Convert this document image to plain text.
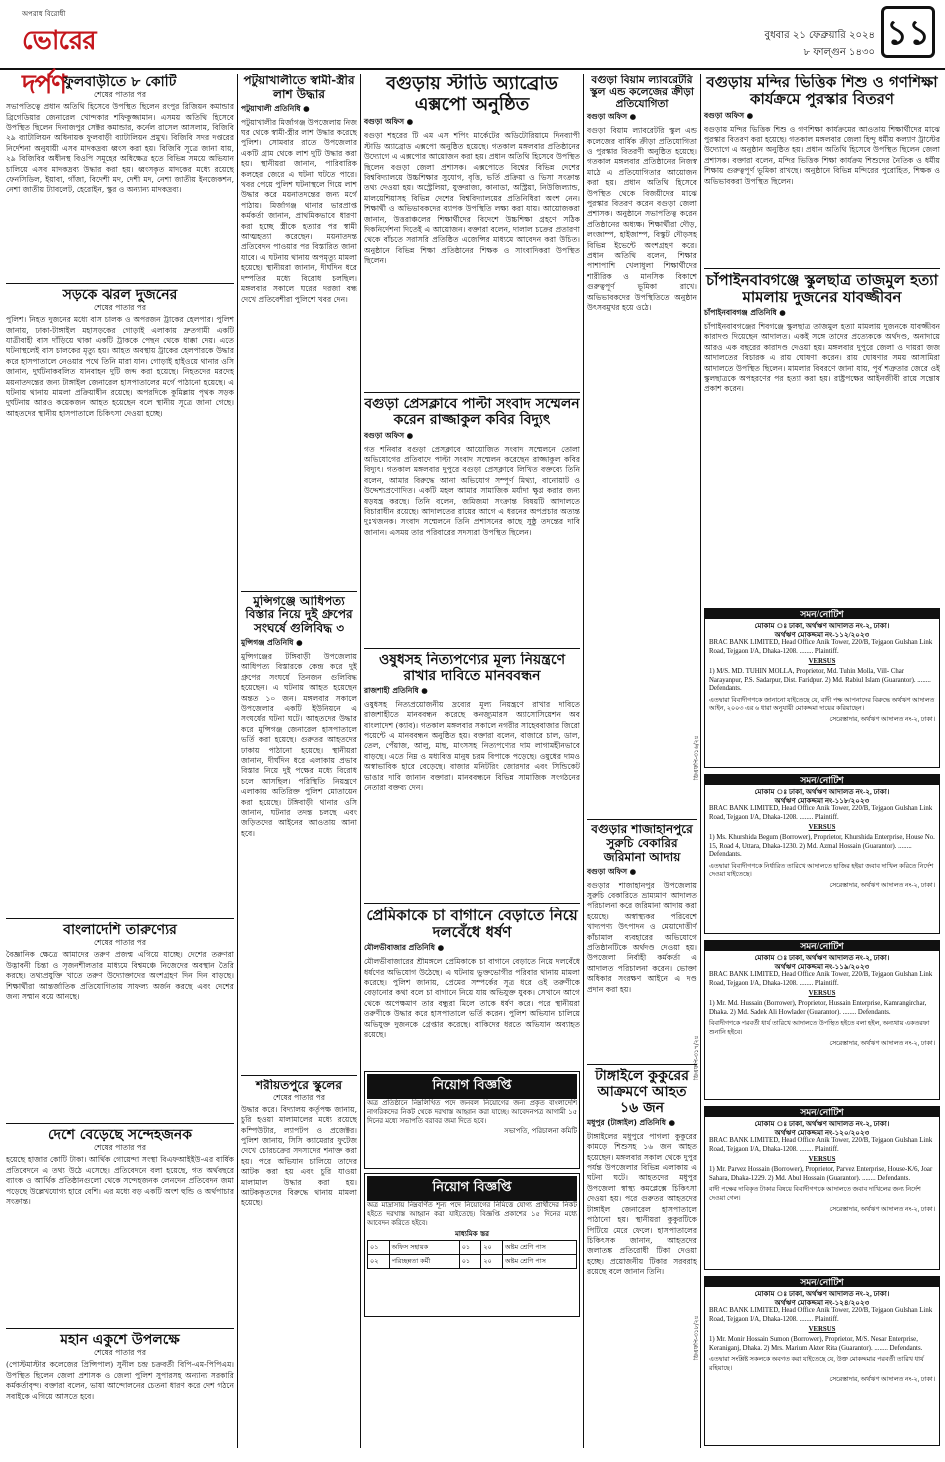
অপরাধ বিরোধী
ভোরের দর্পণ
বুধবার ২১ ফেব্রুয়ারি ২০২৪
৮ ফাল্গুন ১৪৩০ ১১
ফুলবাড়ীতে ৮ কোটি
শেষের পাতার পর
সভাপতিত্বে প্রধান অতিথি হিসেবে উপস্থিত ছিলেন রংপুর রিজিয়ন কমান্ডার ব্রিগেডিয়ার জেনারেল খোন্দকার শফিকুজ্জামান। এসময় অতিথি হিসেবে উপস্থিত ছিলেন দিনাজপুর সেক্টর কমান্ডার, কর্নেল রাসেল আসলাম, বিজিবি ২৯ ব্যাটালিয়ন অধিনায়ক ফুলবাড়ী ব্যাটালিয়ন প্রমুখ। বিজিবি সদর দপ্তরের নির্দেশনা অনুযায়ী এসব মাদকদ্রব্য ধ্বংস করা হয়। বিজিবি সূত্রে জানা যায়, ২৯ বিজিবির অধীনস্থ বিওপি সমূহের অধিক্ষেত্র হতে বিভিন্ন সময়ে অভিযান চালিয়ে এসব মাদকদ্রব্য উদ্ধার করা হয়। ধ্বংসকৃত মাদকের মধ্যে রয়েছে ফেনসিডিল, ইয়াবা, গাঁজা, বিদেশী মদ, দেশী মদ, নেশা জাতীয় ইনজেকশন, নেশা জাতীয় ট্যাবলেট, হেরোইন, স্কুর ও অন্যান্য মাদকদ্রব্য।
সড়কে ঝরল দুজনের
শেষের পাতার পর
পুলিশ। নিহত দুজনের মধ্যে বাস চালক ও অপরজন ট্রাকের হেলপার। পুলিশ জানায়, ঢাকা-টাঙ্গাইল মহাসড়কের গোড়াই এলাকায় দ্রুতগামী একটি যাত্রীবাহী বাস দাঁড়িয়ে থাকা একটি ট্রাককে পেছন থেকে ধাক্কা দেয়। এতে ঘটনাস্থলেই বাস চালকের মৃত্যু হয়। আহত অবস্থায় ট্রাকের হেলপারকে উদ্ধার করে হাসপাতালে নেওয়ার পথে তিনি মারা যান। গোড়াই হাইওয়ে থানার ওসি জানান, দুর্ঘটনাকবলিত যানবাহন দুটি জব্দ করা হয়েছে। নিহতদের মরদেহ ময়নাতদন্তের জন্য টাঙ্গাইল জেনারেল হাসপাতালের মর্গে পাঠানো হয়েছে। এ ঘটনায় থানায় মামলা প্রক্রিয়াধীন রয়েছে। অপরদিকে কুমিল্লায় পৃথক সড়ক দুর্ঘটনায় আরও কয়েকজন আহত হয়েছেন বলে স্থানীয় সূত্রে জানা গেছে। আহতদের স্থানীয় হাসপাতালে চিকিৎসা দেওয়া হচ্ছে।
বাংলাদেশি তারুণ্যের
শেষের পাতার পর
বৈজ্ঞানিক ক্ষেত্রে আমাদের তরুণ প্রজন্ম এগিয়ে যাচ্ছে। দেশের তরুণরা উদ্ভাবনী চিন্তা ও সৃজনশীলতার মাধ্যমে বিশ্বমঞ্চে নিজেদের অবস্থান তৈরি করছে। তথ্যপ্রযুক্তি খাতে তরুণ উদ্যোক্তাদের অংশগ্রহণ দিন দিন বাড়ছে। শিক্ষার্থীরা আন্তর্জাতিক প্রতিযোগিতায় সাফল্য অর্জন করছে এবং দেশের জন্য সম্মান বয়ে আনছে।
দেশে বেড়েছে সন্দেহজনক
শেষের পাতার পর
হয়েছে হাজার কোটি টাকা। আর্থিক গোয়েন্দা সংস্থা বিএফআইইউ-এর বার্ষিক প্রতিবেদনে এ তথ্য উঠে এসেছে। প্রতিবেদনে বলা হয়েছে, গত অর্থবছরে ব্যাংক ও আর্থিক প্রতিষ্ঠানগুলো থেকে সন্দেহজনক লেনদেন প্রতিবেদন জমা পড়েছে উল্লেখযোগ্য হারে বেশি। এর মধ্যে বড় একটি অংশ হুন্ডি ও অর্থপাচার সংক্রান্ত।
মহান একুশে উপলক্ষে
শেষের পাতার পর
(পোস্টমাস্টার কলেজের প্রিন্সিপাল) সুনীল চন্দ্র চক্রবর্তী বিপি-এম-পিপিএম। উপস্থিত ছিলেন জেলা প্রশাসক ও জেলা পুলিশ সুপারসহ অন্যান্য সরকারি কর্মকর্তাবৃন্দ। বক্তারা বলেন, ভাষা আন্দোলনের চেতনা ধারণ করে দেশ গঠনে সবাইকে এগিয়ে আসতে হবে।
পটুয়াখালীতে স্বামী-স্ত্রীর লাশ উদ্ধার
পটুয়াখালী প্রতিনিধি ●
পটুয়াখালীর মির্জাগঞ্জ উপজেলায় নিজ ঘর থেকে স্বামী-স্ত্রীর লাশ উদ্ধার করেছে পুলিশ। সোমবার রাতে উপজেলার একটি গ্রাম থেকে লাশ দুটি উদ্ধার করা হয়। স্থানীয়রা জানান, পারিবারিক কলহের জেরে এ ঘটনা ঘটতে পারে। খবর পেয়ে পুলিশ ঘটনাস্থলে গিয়ে লাশ উদ্ধার করে ময়নাতদন্তের জন্য মর্গে পাঠায়। মির্জাগঞ্জ থানার ভারপ্রাপ্ত কর্মকর্তা জানান, প্রাথমিকভাবে ধারণা করা হচ্ছে স্ত্রীকে হত্যার পর স্বামী আত্মহত্যা করেছেন। ময়নাতদন্ত প্রতিবেদন পাওয়ার পর বিস্তারিত জানা যাবে। এ ঘটনায় থানায় অপমৃত্যু মামলা হয়েছে। স্থানীয়রা জানান, দীর্ঘদিন ধরে দম্পতির মধ্যে বিরোধ চলছিল। মঙ্গলবার সকালে ঘরের দরজা বন্ধ দেখে প্রতিবেশীরা পুলিশে খবর দেন।
মুন্সিগঞ্জে আধিপত্য বিস্তার নিয়ে দুই গ্রুপের সংঘর্ষে গুলিবিদ্ধ ৩
মুন্সিগঞ্জ প্রতিনিধি ●
মুন্সিগঞ্জের টঙ্গিবাড়ী উপজেলায় আধিপত্য বিস্তারকে কেন্দ্র করে দুই গ্রুপের সংঘর্ষে তিনজন গুলিবিদ্ধ হয়েছেন। এ ঘটনায় আহত হয়েছেন অন্তত ১০ জন। মঙ্গলবার সকালে উপজেলার একটি ইউনিয়নে এ সংঘর্ষের ঘটনা ঘটে। আহতদের উদ্ধার করে মুন্সিগঞ্জ জেনারেল হাসপাতালে ভর্তি করা হয়েছে। গুরুতর আহতদের ঢাকায় পাঠানো হয়েছে। স্থানীয়রা জানান, দীর্ঘদিন ধরে এলাকায় প্রভাব বিস্তার নিয়ে দুই পক্ষের মধ্যে বিরোধ চলে আসছিল। পরিস্থিতি নিয়ন্ত্রণে এলাকায় অতিরিক্ত পুলিশ মোতায়েন করা হয়েছে। টঙ্গিবাড়ী থানার ওসি জানান, ঘটনার তদন্ত চলছে এবং জড়িতদের আইনের আওতায় আনা হবে।
শরীয়তপুরে স্কুলের
শেষের পাতার পর
উদ্ধার করে। বিদ্যালয় কর্তৃপক্ষ জানায়, চুরি হওয়া মালামালের মধ্যে রয়েছে কম্পিউটার, ল্যাপটপ ও প্রজেক্টর। পুলিশ জানায়, সিসি ক্যামেরার ফুটেজ দেখে চোরচক্রের সদস্যদের শনাক্ত করা হয়। পরে অভিযান চালিয়ে তাদের আটক করা হয় এবং চুরি যাওয়া মালামাল উদ্ধার করা হয়। আটককৃতদের বিরুদ্ধে থানায় মামলা হয়েছে।
বগুড়ায় স্টাডি অ্যাব্রোড এক্সপো অনুষ্ঠিত
বগুড়া অফিস ●
বগুড়া শহরের টি এম এস শপিং মার্কেটের অডিটোরিয়ামে দিনব্যাপী স্টাডি অ্যাব্রোড এক্সপো অনুষ্ঠিত হয়েছে। গতকাল মঙ্গলবার প্রতিষ্ঠানের উদ্যোগে এ এক্সপোর আয়োজন করা হয়। প্রধান অতিথি হিসেবে উপস্থিত ছিলেন বগুড়া জেলা প্রশাসক। এক্সপোতে বিশ্বের বিভিন্ন দেশের বিশ্ববিদ্যালয়ে উচ্চশিক্ষার সুযোগ, বৃত্তি, ভর্তি প্রক্রিয়া ও ভিসা সংক্রান্ত তথ্য দেওয়া হয়। অস্ট্রেলিয়া, যুক্তরাজ্য, কানাডা, অস্ট্রিয়া, নিউজিল্যান্ড, মালয়েশিয়াসহ বিভিন্ন দেশের বিশ্ববিদ্যালয়ের প্রতিনিধিরা অংশ নেন। শিক্ষার্থী ও অভিভাবকদের ব্যাপক উপস্থিতি লক্ষ্য করা যায়। আয়োজকরা জানান, উত্তরাঞ্চলের শিক্ষার্থীদের বিদেশে উচ্চশিক্ষা গ্রহণে সঠিক দিকনির্দেশনা দিতেই এ আয়োজন। বক্তারা বলেন, দালাল চক্রের প্রতারণা থেকে বাঁচতে সরাসরি প্রতিষ্ঠিত এজেন্সির মাধ্যমে আবেদন করা উচিত। অনুষ্ঠানে বিভিন্ন শিক্ষা প্রতিষ্ঠানের শিক্ষক ও সাংবাদিকরা উপস্থিত ছিলেন।
বগুড়া প্রেসক্লাবে পাল্টা সংবাদ সম্মেলন করেন রাজ্জাকুল কবির বিদ্যুৎ
বগুড়া অফিস ●
গত শনিবার বগুড়া প্রেসক্লাবে আয়োজিত সংবাদ সম্মেলনে তোলা অভিযোগের প্রতিবাদে পাল্টা সংবাদ সম্মেলন করেছেন রাজ্জাকুল কবির বিদ্যুৎ। গতকাল মঙ্গলবার দুপুরে বগুড়া প্রেসক্লাবে লিখিত বক্তব্যে তিনি বলেন, আমার বিরুদ্ধে আনা অভিযোগ সম্পূর্ণ মিথ্যা, বানোয়াট ও উদ্দেশ্যপ্রণোদিত। একটি মহল আমার সামাজিক মর্যাদা ক্ষুণ্ণ করার জন্য ষড়যন্ত্র করছে। তিনি বলেন, জমিজমা সংক্রান্ত বিষয়টি আদালতে বিচারাধীন রয়েছে। আদালতের রায়ের আগে এ ধরনের অপপ্রচার অত্যন্ত দুঃখজনক। সংবাদ সম্মেলনে তিনি প্রশাসনের কাছে সুষ্ঠু তদন্তের দাবি জানান। এসময় তার পরিবারের সদস্যরা উপস্থিত ছিলেন।
ওষুধসহ নিত্যপণ্যের মূল্য নিয়ন্ত্রণে রাখার দাবিতে মানববন্ধন
রাজশাহী প্রতিনিধি ●
ওষুধসহ নিত্যপ্রয়োজনীয় দ্রব্যের মূল্য নিয়ন্ত্রণে রাখার দাবিতে রাজশাহীতে মানববন্ধন করেছে কনজ্যুমারস অ্যাসোসিয়েশন অব বাংলাদেশ (ক্যাব)। গতকাল মঙ্গলবার সকালে নগরীর সাহেববাজার জিরো পয়েন্টে এ মানববন্ধন অনুষ্ঠিত হয়। বক্তারা বলেন, বাজারে চাল, ডাল, তেল, পেঁয়াজ, আলু, মাছ, মাংসসহ নিত্যপণ্যের দাম লাগামহীনভাবে বাড়ছে। এতে নিম্ন ও মধ্যবিত্ত মানুষ চরম বিপাকে পড়েছে। ওষুধের দামও অস্বাভাবিক হারে বেড়েছে। বাজার মনিটরিং জোরদার এবং সিন্ডিকেট ভাঙার দাবি জানান বক্তারা। মানববন্ধনে বিভিন্ন সামাজিক সংগঠনের নেতারা বক্তব্য দেন।
প্রেমিকাকে চা বাগানে বেড়াতে নিয়ে দলবেঁধে ধর্ষণ
মৌলভীবাজার প্রতিনিধি ●
মৌলভীবাজারের শ্রীমঙ্গলে প্রেমিকাকে চা বাগানে বেড়াতে নিয়ে দলবেঁধে ধর্ষণের অভিযোগ উঠেছে। এ ঘটনায় ভুক্তভোগীর পরিবার থানায় মামলা করেছে। পুলিশ জানায়, প্রেমের সম্পর্কের সূত্র ধরে ওই তরুণীকে বেড়ানোর কথা বলে চা বাগানে নিয়ে যায় অভিযুক্ত যুবক। সেখানে আগে থেকে অপেক্ষমাণ তার বন্ধুরা মিলে তাকে ধর্ষণ করে। পরে স্থানীয়রা তরুণীকে উদ্ধার করে হাসপাতালে ভর্তি করেন। পুলিশ অভিযান চালিয়ে অভিযুক্ত দুজনকে গ্রেপ্তার করেছে। বাকিদের ধরতে অভিযান অব্যাহত রয়েছে।
নিয়োগ বিজ্ঞপ্তি
অত্র প্রতিষ্ঠানে নিম্নলিখিত পদে জনবল নিয়োগের জন্য প্রকৃত বাংলাদেশি নাগরিকদের নিকট থেকে দরখাস্ত আহ্বান করা যাচ্ছে। আবেদনপত্র আগামী ১৫ দিনের মধ্যে সভাপতি বরাবর জমা দিতে হবে।
সভাপতি, পরিচালনা কমিটি
নিয়োগ বিজ্ঞপ্তি
অত্র মাদ্রাসায় নিম্নবর্ণিত শূন্য পদে নিয়োগের নিমিত্তে যোগ্য প্রার্থীদের নিকট হইতে দরখাস্ত আহ্বান করা যাইতেছে। বিজ্ঞপ্তি প্রকাশের ১৫ দিনের মধ্যে আবেদন করিতে হইবে।
মাধ্যমিক স্তর
০১	অফিস সহায়ক	০১	২০	অষ্টম শ্রেণি পাস
০২	পরিচ্ছন্নতা কর্মী	০১	২০	অষ্টম শ্রেণি পাস
বগুড়া বিয়াম ল্যাবরেটরি স্কুল এন্ড কলেজের ক্রীড়া প্রতিযোগিতা
বগুড়া অফিস ●
বগুড়া বিয়াম ল্যাবরেটরি স্কুল এন্ড কলেজের বার্ষিক ক্রীড়া প্রতিযোগিতা ও পুরস্কার বিতরণী অনুষ্ঠিত হয়েছে। গতকাল মঙ্গলবার প্রতিষ্ঠানের নিজস্ব মাঠে এ প্রতিযোগিতার আয়োজন করা হয়। প্রধান অতিথি হিসেবে উপস্থিত থেকে বিজয়ীদের মাঝে পুরস্কার বিতরণ করেন বগুড়া জেলা প্রশাসক। অনুষ্ঠানে সভাপতিত্ব করেন প্রতিষ্ঠানের অধ্যক্ষ। শিক্ষার্থীরা দৌড়, লংজাম্প, হাইজাম্প, বিস্কুট দৌড়সহ বিভিন্ন ইভেন্টে অংশগ্রহণ করে। প্রধান অতিথি বলেন, শিক্ষার পাশাপাশি খেলাধুলা শিক্ষার্থীদের শারীরিক ও মানসিক বিকাশে গুরুত্বপূর্ণ ভূমিকা রাখে। অভিভাবকদের উপস্থিতিতে অনুষ্ঠান উৎসবমুখর হয়ে ওঠে।
বগুড়ার শাজাহানপুরে সুরুচি বেকারির জরিমানা আদায়
বগুড়া অফিস ●
বগুড়ার শাজাহানপুর উপজেলায় সুরুচি বেকারিতে ভ্রাম্যমাণ আদালত পরিচালনা করে জরিমানা আদায় করা হয়েছে। অস্বাস্থ্যকর পরিবেশে খাদ্যপণ্য উৎপাদন ও মেয়াদোত্তীর্ণ কাঁচামাল ব্যবহারের অভিযোগে প্রতিষ্ঠানটিকে অর্থদণ্ড দেওয়া হয়। উপজেলা নির্বাহী কর্মকর্তা এ আদালত পরিচালনা করেন। ভোক্তা অধিকার সংরক্ষণ আইনে এ দণ্ড প্রদান করা হয়।
টাঙ্গাইলে কুকুরের আক্রমণে আহত ১৬ জন
মধুপুর (টাঙ্গাইল) প্রতিনিধি ●
টাঙ্গাইলের মধুপুরে পাগলা কুকুরের কামড়ে শিশুসহ ১৬ জন আহত হয়েছেন। মঙ্গলবার সকাল থেকে দুপুর পর্যন্ত উপজেলার বিভিন্ন এলাকায় এ ঘটনা ঘটে। আহতদের মধুপুর উপজেলা স্বাস্থ্য কমপ্লেক্সে চিকিৎসা দেওয়া হয়। পরে গুরুতর আহতদের টাঙ্গাইল জেনারেল হাসপাতালে পাঠানো হয়। স্থানীয়রা কুকুরটিকে পিটিয়ে মেরে ফেলে। হাসপাতালের চিকিৎসক জানান, আহতদের জলাতঙ্ক প্রতিরোধী টিকা দেওয়া হচ্ছে। প্রয়োজনীয় টিকার সরবরাহ রয়েছে বলে জানান তিনি।
বগুড়ায় মন্দির ভিত্তিক শিশু ও গণশিক্ষা কার্যক্রমে পুরস্কার বিতরণ
বগুড়া অফিস ●
বগুড়ায় মন্দির ভিত্তিক শিশু ও গণশিক্ষা কার্যক্রমের আওতায় শিক্ষার্থীদের মাঝে পুরস্কার বিতরণ করা হয়েছে। গতকাল মঙ্গলবার জেলা হিন্দু ধর্মীয় কল্যাণ ট্রাস্টের উদ্যোগে এ অনুষ্ঠান অনুষ্ঠিত হয়। প্রধান অতিথি হিসেবে উপস্থিত ছিলেন জেলা প্রশাসক। বক্তারা বলেন, মন্দির ভিত্তিক শিক্ষা কার্যক্রম শিশুদের নৈতিক ও ধর্মীয় শিক্ষায় গুরুত্বপূর্ণ ভূমিকা রাখছে। অনুষ্ঠানে বিভিন্ন মন্দিরের পুরোহিত, শিক্ষক ও অভিভাবকরা উপস্থিত ছিলেন।
চাঁপাইনবাবগঞ্জে স্কুলছাত্র তাজমুল হত্যা মামলায় দুজনের যাবজ্জীবন
চাঁপাইনবাবগঞ্জ প্রতিনিধি ●
চাঁপাইনবাবগঞ্জের শিবগঞ্জে স্কুলছাত্র তাজমুল হত্যা মামলায় দুজনকে যাবজ্জীবন কারাদণ্ড দিয়েছেন আদালত। একই সঙ্গে তাদের প্রত্যেককে অর্থদণ্ড, অনাদায়ে আরও এক বছরের কারাদণ্ড দেওয়া হয়। মঙ্গলবার দুপুরে জেলা ও দায়রা জজ আদালতের বিচারক এ রায় ঘোষণা করেন। রায় ঘোষণার সময় আসামিরা আদালতে উপস্থিত ছিলেন। মামলার বিবরণে জানা যায়, পূর্ব শত্রুতার জেরে ওই স্কুলছাত্রকে অপহরণের পর হত্যা করা হয়। রাষ্ট্রপক্ষের আইনজীবী রায়ে সন্তোষ প্রকাশ করেন।
ডিএফপি-৩১৬/২৪
ডিএফপি-৩১৭/২৪
ডিএফপি-৩১৮/২৪
সমন/নোটিশ
মোকাম ঃ ঢাকা, অর্থঋণ আদালত নং-২, ঢাকা।
অর্থঋণ মোকদ্দমা নং-১১২/২০২৩
BRAC BANK LIMITED, Head Office Anik Tower, 220/B, Tejgaon Gulshan Link Road, Tejgaon I/A, Dhaka-1208. ........ Plaintiff.
VERSUS
1) M/S. MD. TUHIN MOLLA, Proprietor, Md. Tuhin Molla, Vill- Char Narayanpur, P.S. Sadarpur, Dist. Faridpur. 2) Md. Rabiul Islam (Guarantor). ........ Defendants.
এতদ্বারা বিবাদীগণকে জানানো যাইতেছে যে, বাদী পক্ষ আপনাদের বিরুদ্ধে অর্থঋণ আদালত আইন, ২০০৩ এর ৬ ধারা অনুযায়ী মোকদ্দমা দায়ের করিয়াছেন।
সেরেস্তাদার, অর্থঋণ আদালত নং-২, ঢাকা।
সমন/নোটিশ
মোকাম ঃ ঢাকা, অর্থঋণ আদালত নং-২, ঢাকা।
অর্থঋণ মোকদ্দমা নং-১১৮/২০২৩
BRAC BANK LIMITED, Head Office Anik Tower, 220/B, Tejgaon Gulshan Link Road, Tejgaon I/A, Dhaka-1208. ........ Plaintiff.
VERSUS
1) Ms. Khurshida Begum (Borrower), Proprietor, Khurshida Enterprise, House No. 15, Road 4, Uttara, Dhaka-1230. 2) Md. Azmal Hossain (Guarantor). ........ Defendants.
এতদ্বারা বিবাদীগণকে নির্ধারিত তারিখে আদালতে হাজির হইয়া জবাব দাখিল করিতে নির্দেশ দেওয়া যাইতেছে।
সেরেস্তাদার, অর্থঋণ আদালত নং-২, ঢাকা।
সমন/নোটিশ
মোকাম ঃ ঢাকা, অর্থঋণ আদালত নং-২, ঢাকা।
অর্থঋণ মোকদ্দমা নং-১১৯/২০২৩
BRAC BANK LIMITED, Head Office Anik Tower, 220/B, Tejgaon Gulshan Link Road, Tejgaon I/A, Dhaka-1208. ........ Plaintiff.
VERSUS
1) Mr. Md. Hussain (Borrower), Proprietor, Hussain Enterprise, Kamrangirchar, Dhaka. 2) Md. Sadek Ali Howlader (Guarantor). ........ Defendants.
বিবাদীগণকে পরবর্তী ধার্য তারিখে আদালতে উপস্থিত হইতে বলা হইল, অন্যথায় একতরফা শুনানি হইবে।
সেরেস্তাদার, অর্থঋণ আদালত নং-২, ঢাকা।
সমন/নোটিশ
মোকাম ঃ ঢাকা, অর্থঋণ আদালত নং-২, ঢাকা।
অর্থঋণ মোকদ্দমা নং-১২০/২০২৩
BRAC BANK LIMITED, Head Office Anik Tower, 220/B, Tejgaon Gulshan Link Road, Tejgaon I/A, Dhaka-1208. ........ Plaintiff.
VERSUS
1) Mr. Parvez Hossain (Borrower), Proprietor, Parvez Enterprise, House-K/6, Joar Sahara, Dhaka-1229. 2) Md. Abul Hossain (Guarantor). ........ Defendants.
বাদী পক্ষের দাবিকৃত টাকার বিষয়ে বিবাদীগণকে আদালতে জবাব দাখিলের জন্য নির্দেশ দেওয়া গেল।
সেরেস্তাদার, অর্থঋণ আদালত নং-২, ঢাকা।
সমন/নোটিশ
মোকাম ঃ ঢাকা, অর্থঋণ আদালত নং-২, ঢাকা।
অর্থঋণ মোকদ্দমা নং-১২৪/২০২৩
BRAC BANK LIMITED, Head Office Anik Tower, 220/B, Tejgaon Gulshan Link Road, Tejgaon I/A, Dhaka-1208. ........ Plaintiff.
VERSUS
1) Mr. Monir Hossain Sumon (Borrower), Proprietor, M/S. Nesar Enterprise, Keraniganj, Dhaka. 2) Mrs. Marium Akter Rita (Guarantor). ........ Defendants.
এতদ্বারা সংশ্লিষ্ট সকলকে অবগত করা যাইতেছে যে, উক্ত মোকদ্দমার পরবর্তী তারিখ ধার্য রহিয়াছে।
সেরেস্তাদার, অর্থঋণ আদালত নং-২, ঢাকা।
